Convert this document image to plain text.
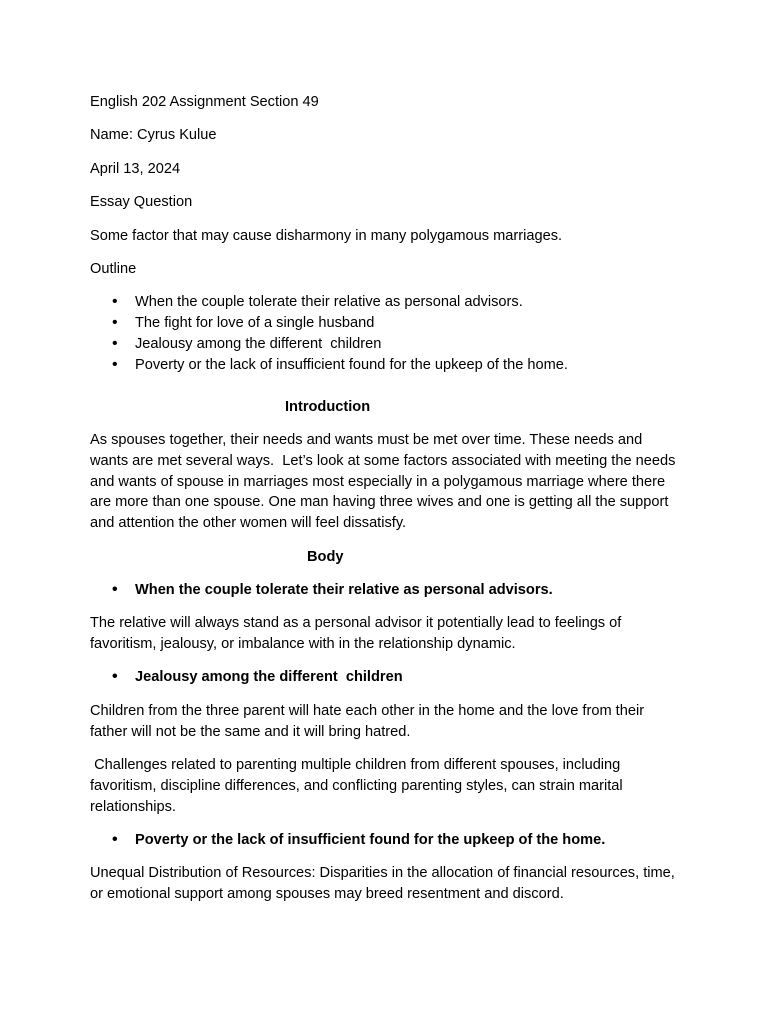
English 202 Assignment Section 49

Name: Cyrus Kulue

April 13, 2024

Essay Question

Some factor that may cause disharmony in many polygamous marriages.

Outline

• When the couple tolerate their relative as personal advisors.
• The fight for love of a single husband
• Jealousy among the different  children
• Poverty or the lack of insufficient found for the upkeep of the home.
Introduction

As spouses together, their needs and wants must be met over time. These needs and wants are met several ways.  Let’s look at some factors associated with meeting the needs and wants of spouse in marriages most especially in a polygamous marriage where there are more than one spouse. One man having three wives and one is getting all the support and attention the other women will feel dissatisfy.

Body
• When the couple tolerate their relative as personal advisors.

The relative will always stand as a personal advisor it potentially lead to feelings of favoritism, jealousy, or imbalance with in the relationship dynamic.

• Jealousy among the different  children

Children from the three parent will hate each other in the home and the love from their father will not be the same and it will bring hatred.

Challenges related to parenting multiple children from different spouses, including favoritism, discipline differences, and conflicting parenting styles, can strain marital relationships.

• Poverty or the lack of insufficient found for the upkeep of the home.

Unequal Distribution of Resources: Disparities in the allocation of financial resources, time, or emotional support among spouses may breed resentment and discord.
